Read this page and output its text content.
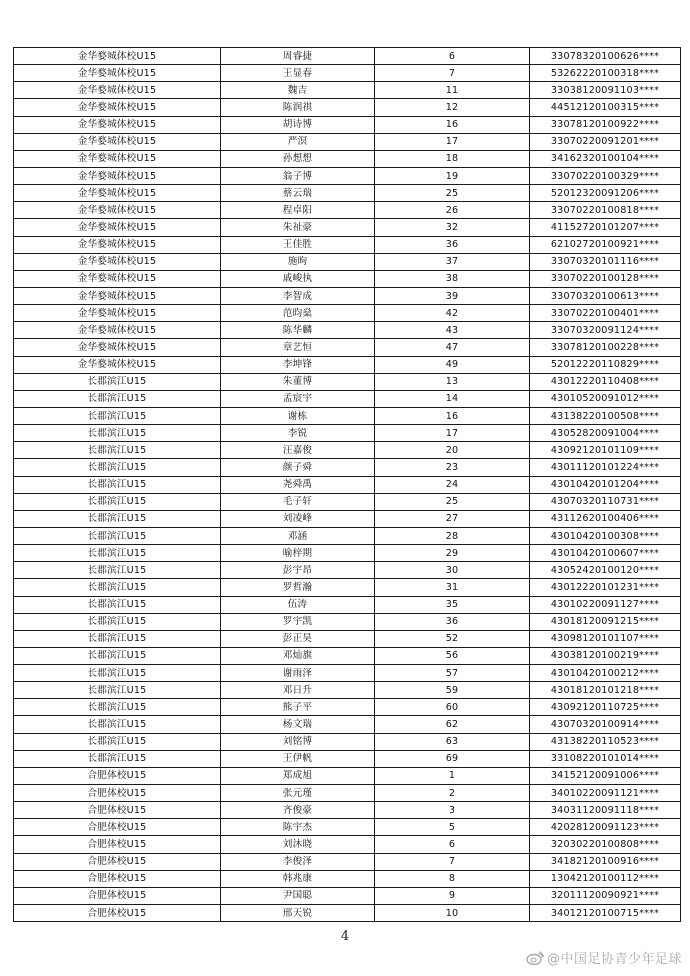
金华婺城体校U15	周睿捷	6	33078320100626****
金华婺城体校U15	王显春	7	53262220100318****
金华婺城体校U15	魏吉	11	33038120091103****
金华婺城体校U15	陈润祺	12	44512120100315****
金华婺城体校U15	胡诗博	16	33078120100922****
金华婺城体校U15	严溟	17	33070220091201****
金华婺城体校U15	孙想想	18	34162320100104****
金华婺城体校U15	翁子博	19	33070220100329****
金华婺城体校U15	蔡云瑞	25	52012320091206****
金华婺城体校U15	程卓阳	26	33070220100818****
金华婺城体校U15	朱祉豪	32	41152720101207****
金华婺城体校U15	王佳胜	36	62102720100921****
金华婺城体校U15	施昫	37	33070320101116****
金华婺城体校U15	戚峻执	38	33070220100128****
金华婺城体校U15	李智成	39	33070320100613****
金华婺城体校U15	范昀燊	42	33070220100401****
金华婺城体校U15	陈华麟	43	33070320091124****
金华婺城体校U15	章艺恒	47	33078120100228****
金华婺城体校U15	李坤锋	49	52012220110829****
长郡滨江U15	朱董博	13	43012220110408****
长郡滨江U15	孟宸宇	14	43010520091012****
长郡滨江U15	谢栋	16	43138220100508****
长郡滨江U15	李锐	17	43052820091004****
长郡滨江U15	汪嘉俊	20	43092120101109****
长郡滨江U15	颜子舜	23	43011120101224****
长郡滨江U15	尧舜禹	24	43010420101204****
长郡滨江U15	毛子轩	25	43070320110731****
长郡滨江U15	刘凌峰	27	43112620100406****
长郡滨江U15	邓涵	28	43010420100308****
长郡滨江U15	喻梓期	29	43010420100607****
长郡滨江U15	彭宇昂	30	43052420100120****
长郡滨江U15	罗哲瀚	31	43012220101231****
长郡滨江U15	伍涛	35	43010220091127****
长郡滨江U15	罗宇凯	36	43018120091215****
长郡滨江U15	彭正昊	52	43098120101107****
长郡滨江U15	邓灿旗	56	43038120100219****
长郡滨江U15	谢雨泽	57	43010420100212****
长郡滨江U15	邓日升	59	43018120101218****
长郡滨江U15	熊子平	60	43092120110725****
长郡滨江U15	杨文瑞	62	43070320100914****
长郡滨江U15	刘铭博	63	43138220110523****
长郡滨江U15	王伊帆	69	33108220101014****
合肥体校U15	郑成旭	1	34152120091006****
合肥体校U15	张元瑾	2	34010220091121****
合肥体校U15	齐俊豪	3	34031120091118****
合肥体校U15	陈宇杰	5	42028120091123****
合肥体校U15	刘沐晓	6	32030220100808****
合肥体校U15	李俊泽	7	34182120100916****
合肥体校U15	韩兆康	8	13042120100112****
合肥体校U15	尹国聪	9	32011120090921****
合肥体校U15	邢天锐	10	34012120100715****
4
@中国足协青少年足球
